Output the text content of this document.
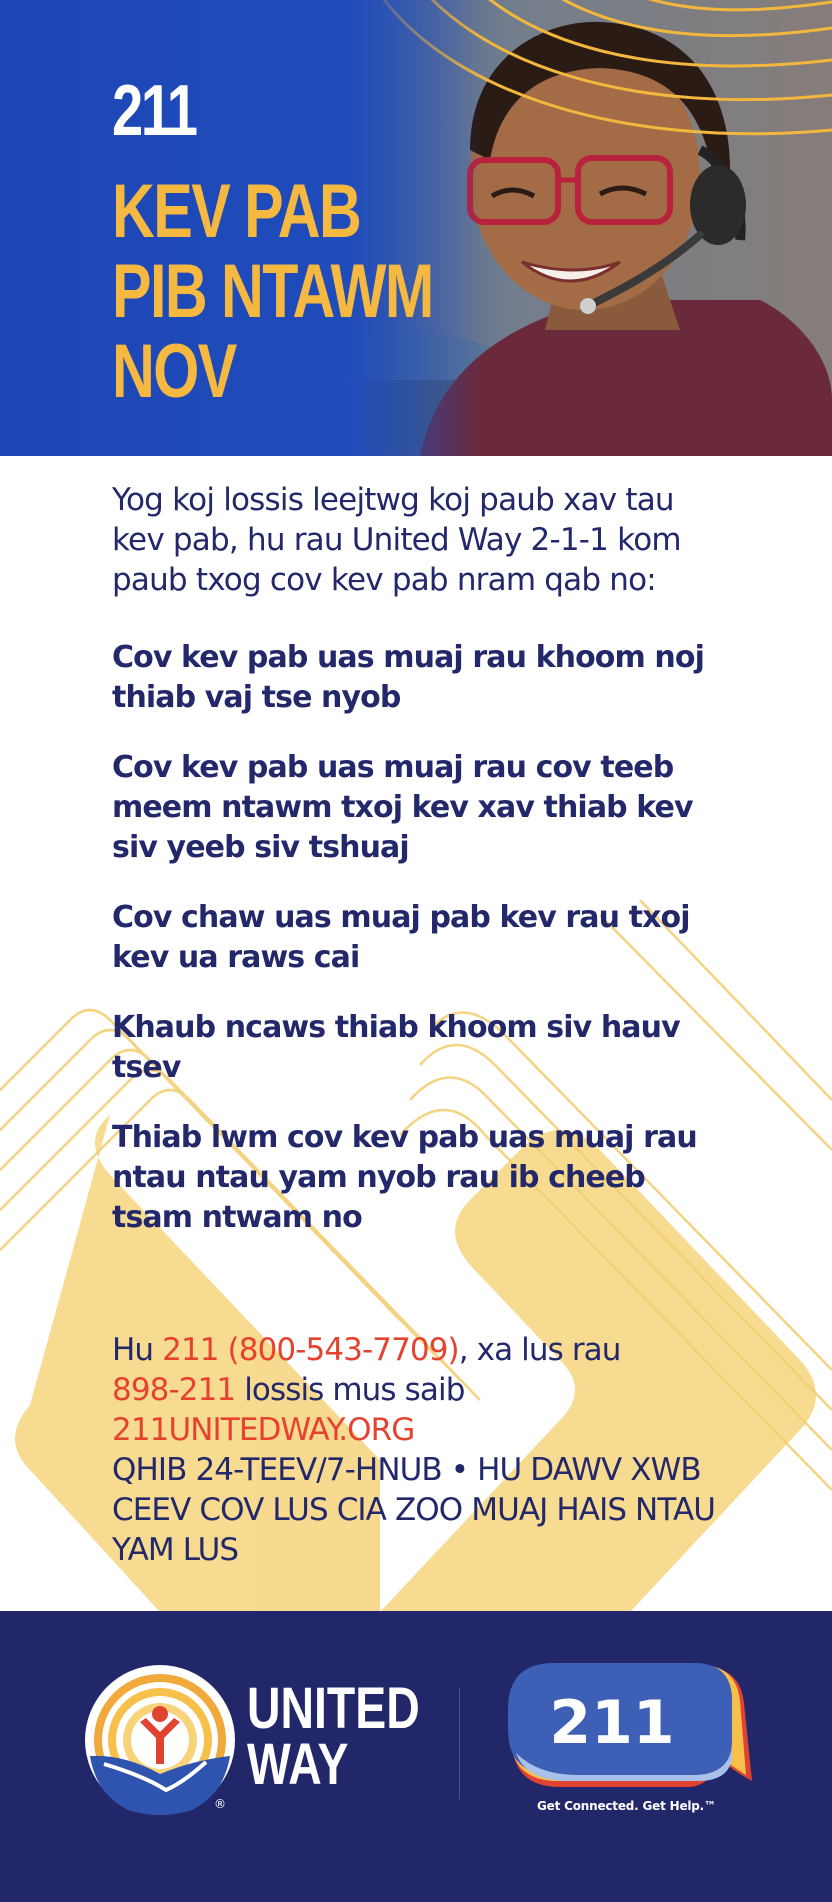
211
KEV PAB
PIB NTAWM
NOV

Yog koj lossis leejtwg koj paub xav tau kev pab, hu rau United Way 2-1-1 kom paub txog cov kev pab nram qab no:

Cov kev pab uas muaj rau khoom noj thiab vaj tse nyob

Cov kev pab uas muaj rau cov teeb meem ntawm txoj kev xav thiab kev siv yeeb siv tshuaj

Cov chaw uas muaj pab kev rau txoj kev ua raws cai

Khaub ncaws thiab khoom siv hauv tsev

Thiab lwm cov kev pab uas muaj rau ntau ntau yam nyob rau ib cheeb tsam ntwam no

Hu 211 (800-543-7709), xa lus rau
898-211 lossis mus saib
211UNITEDWAY.ORG
QHIB 24-TEEV/7-HNUB • HU DAWV XWB CEEV COV LUS CIA ZOO MUAJ HAIS NTAU YAM LUS
®
UNITED
WAY
211
Get Connected. Get Help.™
